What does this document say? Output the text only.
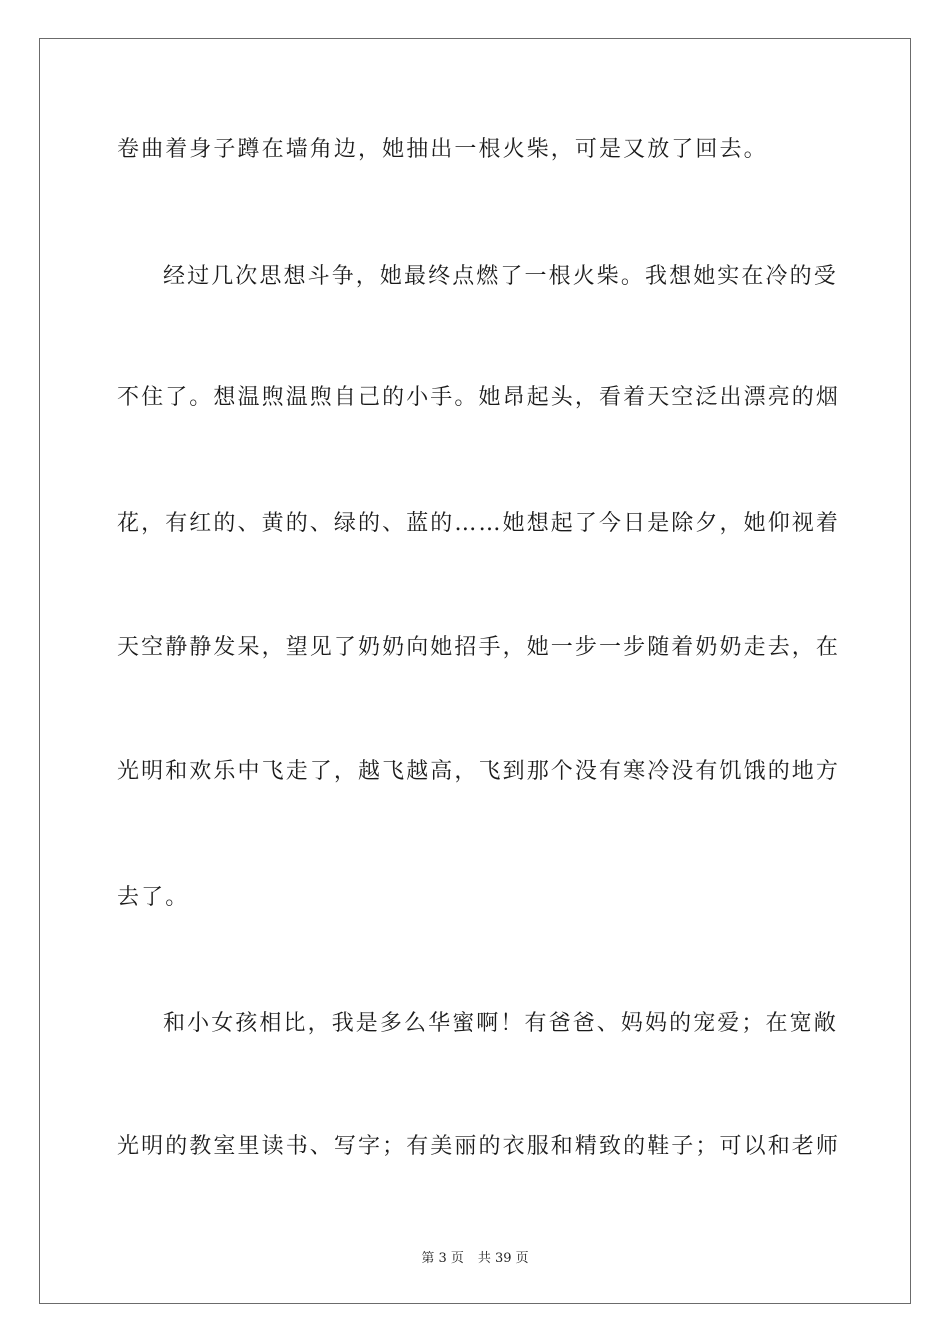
卷曲着身子蹲在墙角边，她抽出一根火柴，可是又放了回去。
经过几次思想斗争，她最终点燃了一根火柴。我想她实在冷的受
不住了。想温煦温煦自己的小手。她昂起头，看着天空泛出漂亮的烟
花，有红的、黄的、绿的、蓝的……她想起了今日是除夕，她仰视着
天空静静发呆，望见了奶奶向她招手，她一步一步随着奶奶走去，在
光明和欢乐中飞走了，越飞越高，飞到那个没有寒冷没有饥饿的地方
去了。
和小女孩相比，我是多么华蜜啊！有爸爸、妈妈的宠爱；在宽敞
光明的教室里读书、写字；有美丽的衣服和精致的鞋子；可以和老师
第 3 页 共 39 页
